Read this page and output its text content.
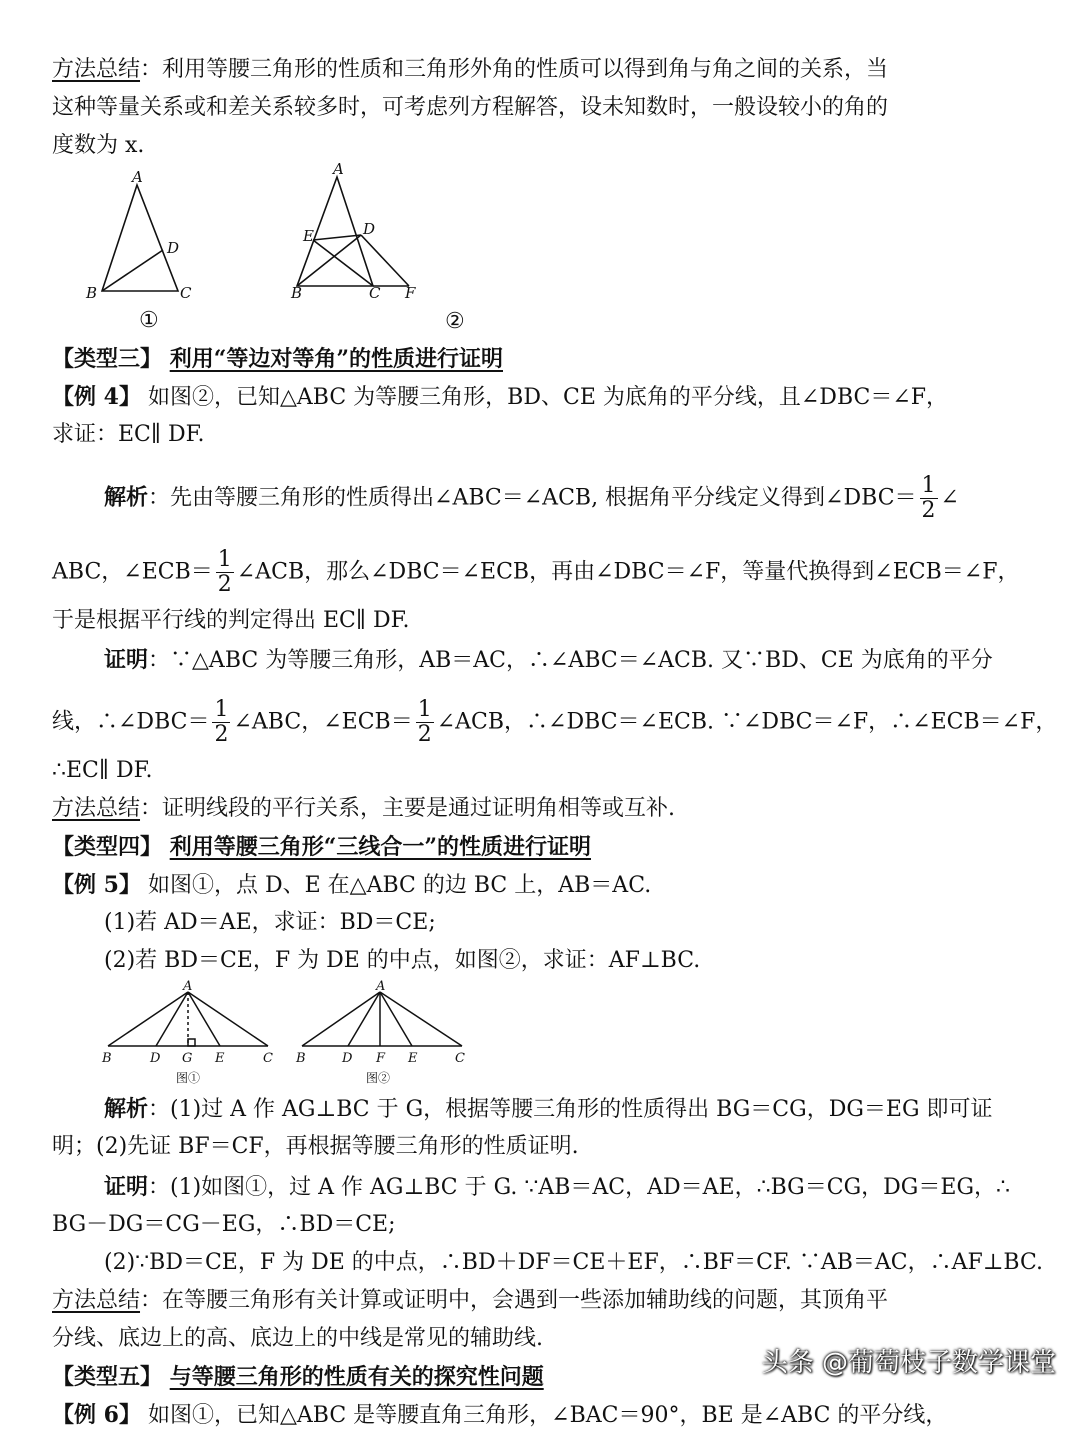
方法总结：利用等腰三角形的性质和三角形外角的性质可以得到角与角之间的关系，当
这种等量关系或和差关系较多时，可考虑列方程解答，设未知数时，一般设较小的角的
度数为 x.
A
B	C
D
①
A
B	C
D
E
F
②
【类型三】 利用“等边对等角”的性质进行证明
【例 4】 如图②，已知△ABC 为等腰三角形，BD、CE 为底角的平分线，且∠DBC＝∠F，
求证：EC∥ DF.
解析：先由等腰三角形的性质得出∠ABC＝∠ACB, 根据角平分线定义得到∠DBC＝ $\frac{1}{2}$ ∠
ABC，∠ECB＝ $\frac{1}{2}$ ∠ACB，那么∠DBC＝∠ECB，再由∠DBC＝∠F，等量代换得到∠ECB＝∠F，
于是根据平行线的判定得出 EC∥ DF.
证明：∵△ABC 为等腰三角形，AB＝AC，∴∠ABC＝∠ACB. 又∵BD、CE 为底角的平分
线，∴∠DBC＝ $\frac{1}{2}$ ∠ABC，∠ECB＝ $\frac{1}{2}$ ∠ACB，∴∠DBC＝∠ECB. ∵∠DBC＝∠F，∴∠ECB＝∠F，
∴EC∥ DF.
方法总结：证明线段的平行关系，主要是通过证明角相等或互补.
【类型四】 利用等腰三角形“三线合一”的性质进行证明
【例 5】 如图①，点 D、E 在△ABC 的边 BC 上，AB＝AC.
(1)若 AD＝AE，求证：BD＝CE;
(2)若 BD＝CE，F 为 DE 的中点，如图②，求证：AF⊥BC.
A
B	D G E	C
图①
A
B	D F E	C
图②
解析：(1)过 A 作 AG⊥BC 于 G，根据等腰三角形的性质得出 BG＝CG，DG＝EG 即可证
明；(2)先证 BF＝CF，再根据等腰三角形的性质证明.
证明：(1)如图①，过 A 作 AG⊥BC 于 G. ∵AB＝AC，AD＝AE，∴BG＝CG，DG＝EG，∴
BG－DG＝CG－EG，∴BD＝CE;
(2)∵BD＝CE，F 为 DE 的中点，∴BD＋DF＝CE＋EF，∴BF＝CF. ∵AB＝AC，∴AF⊥BC.
方法总结：在等腰三角形有关计算或证明中，会遇到一些添加辅助线的问题，其顶角平
分线、底边上的高、底边上的中线是常见的辅助线.
【类型五】 与等腰三角形的性质有关的探究性问题
【例 6】 如图①，已知△ABC 是等腰直角三角形，∠BAC＝90°，BE 是∠ABC 的平分线，
头条 @葡萄枝子数学课堂
